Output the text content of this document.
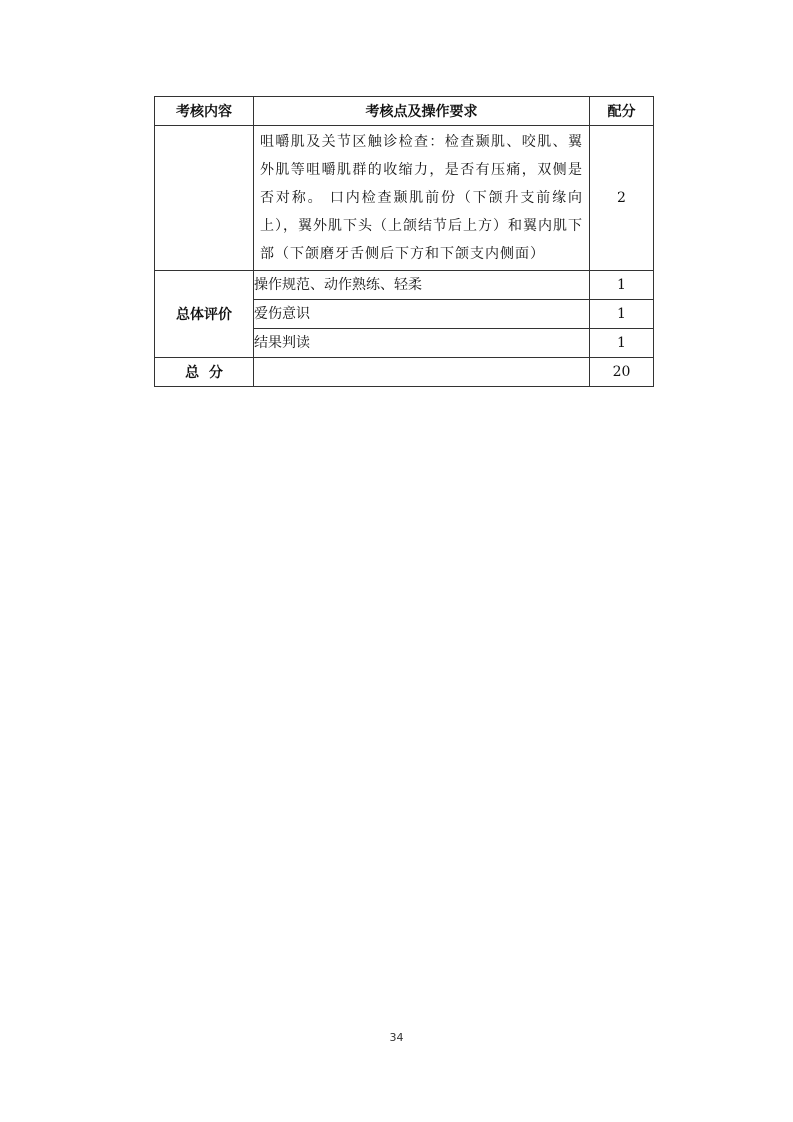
考核内容	考核点及操作要求	配分
	咀嚼肌及关节区触诊检查：检查颞肌、咬肌、翼外肌等咀嚼肌群的收缩力，是否有压痛，双侧是否对称。 口内检查颞肌前份（下颌升支前缘向上），翼外肌下头（上颌结节后上方）和翼内肌下部（下颌磨牙舌侧后下方和下颌支内侧面）	2
总体评价	操作规范、动作熟练、轻柔	1
	爱伤意识	1
	结果判读	1
总  分		20
34
